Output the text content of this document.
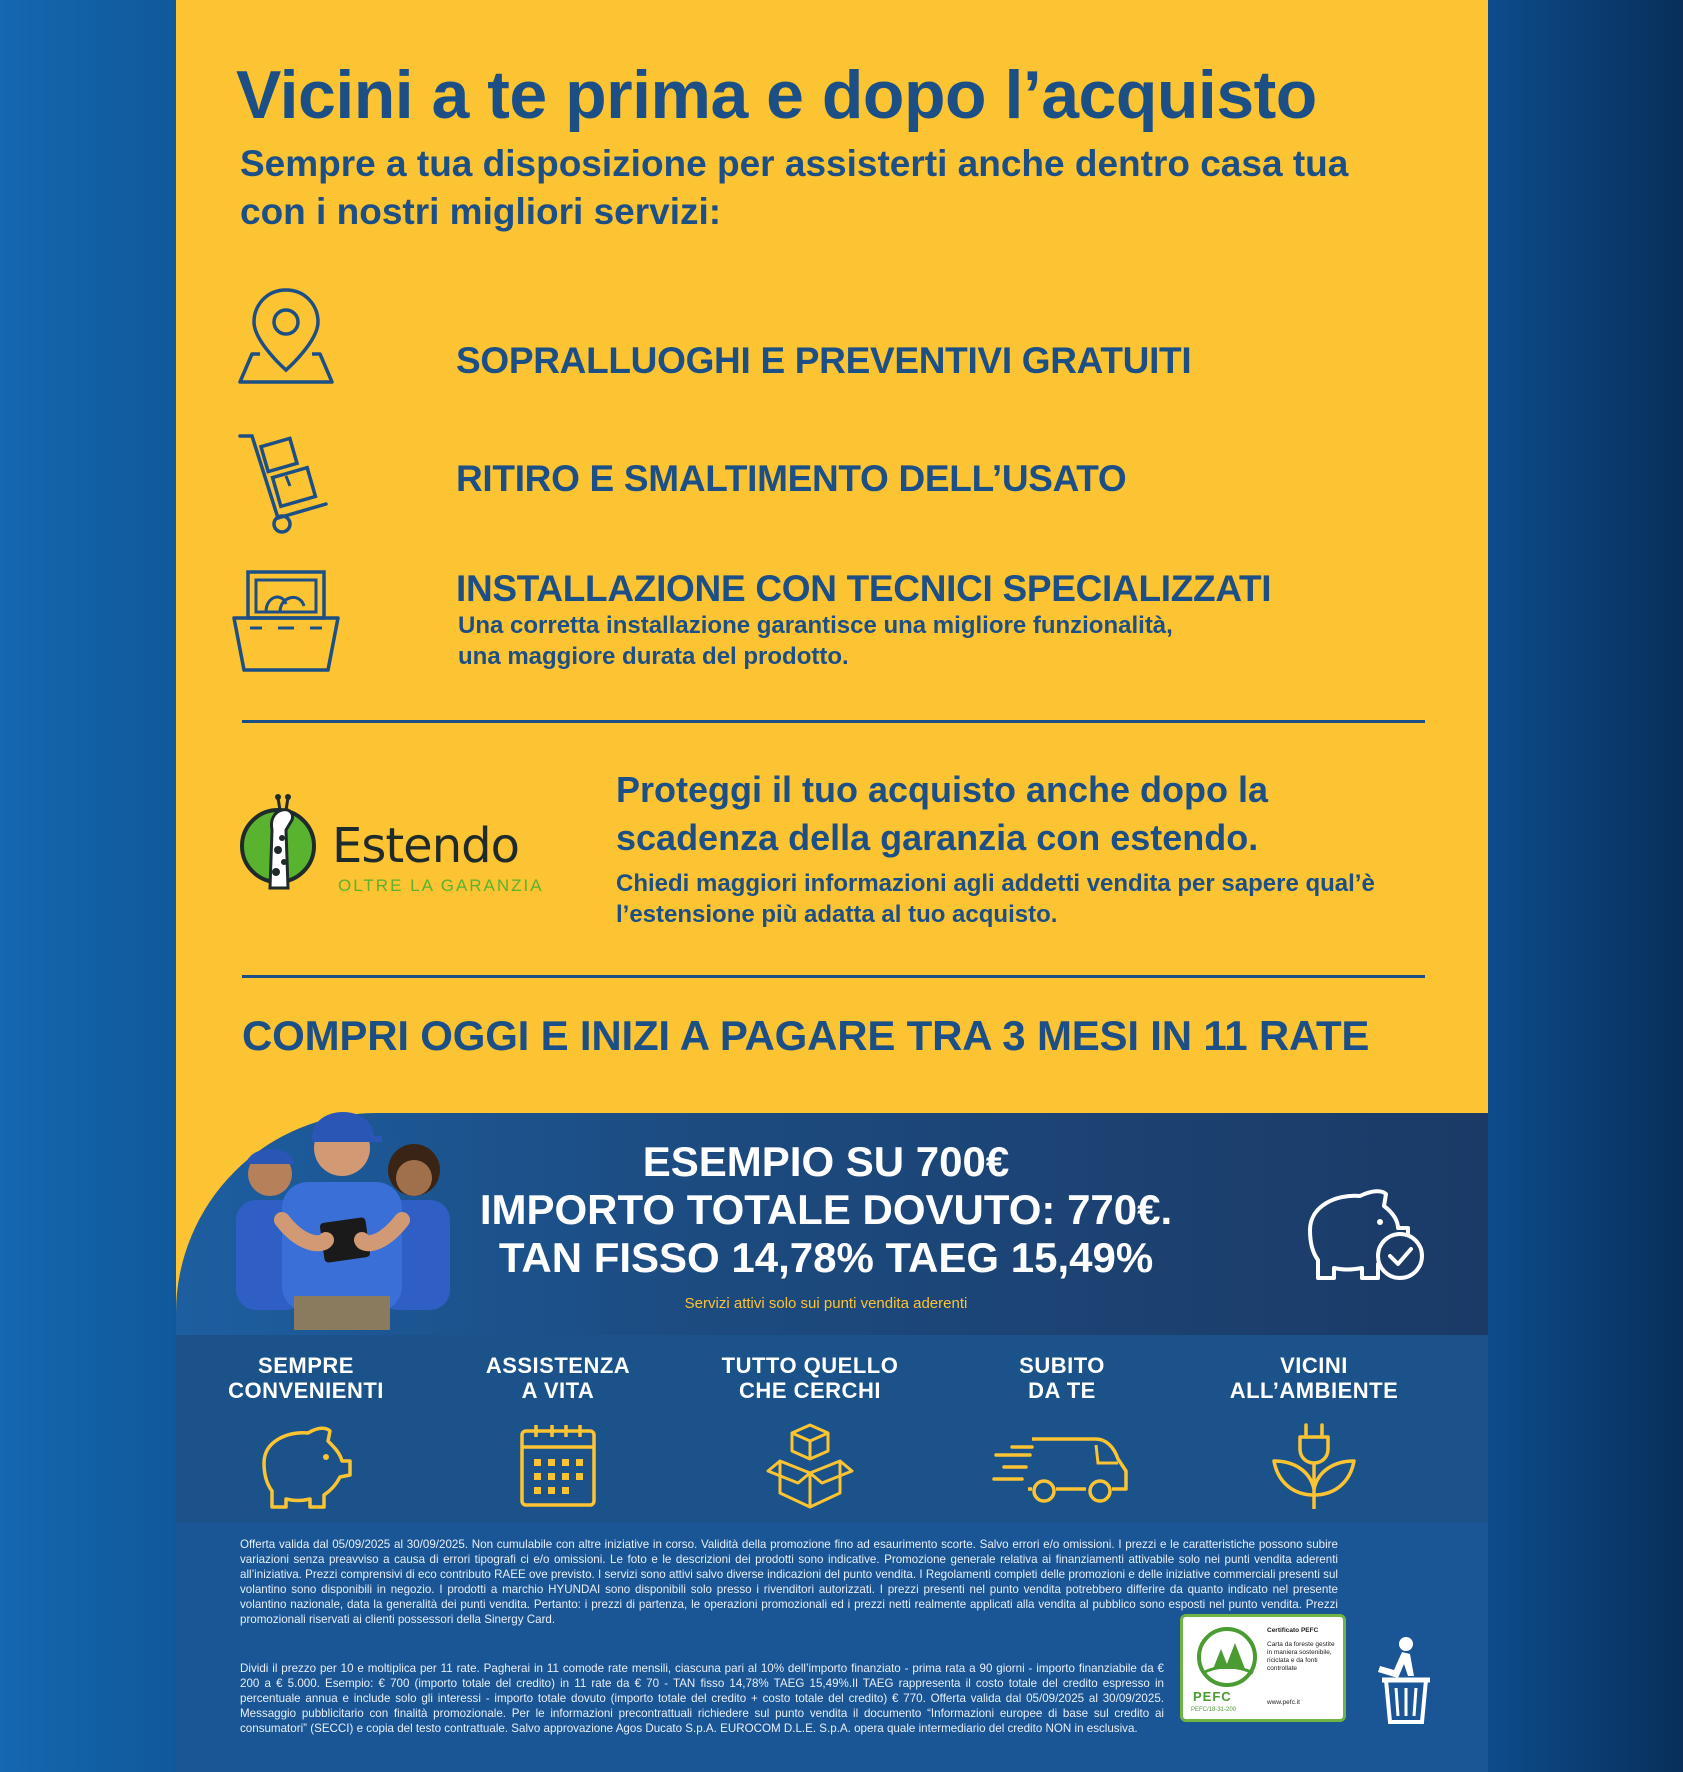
Vicini a te prima e dopo l’acquisto
Sempre a tua disposizione per assisterti anche dentro casa tua con i nostri migliori servizi:
SOPRALLUOGHI E PREVENTIVI GRATUITI
RITIRO E SMALTIMENTO DELL’USATO
INSTALLAZIONE CON TECNICI SPECIALIZZATI
Una corretta installazione garantisce una migliore funzionalità, una maggiore durata del prodotto.
Estendo
OLTRE LA GARANZIA
Proteggi il tuo acquisto anche dopo la scadenza della garanzia con estendo.
Chiedi maggiori informazioni agli addetti vendita per sapere qual’è l’estensione più adatta al tuo acquisto.
COMPRI OGGI E INIZI A PAGARE TRA 3 MESI IN 11 RATE
ESEMPIO SU 700€
IMPORTO TOTALE DOVUTO: 770€.
TAN FISSO 14,78% TAEG 15,49%
Servizi attivi solo sui punti vendita aderenti
SEMPRE
CONVENIENTI
ASSISTENZA
A VITA
TUTTO QUELLO
CHE CERCHI
SUBITO
DA TE
VICINI
ALL’AMBIENTE
Offerta valida dal 05/09/2025 al 30/09/2025. Non cumulabile con altre iniziative in corso. Validità della promozione fino ad esaurimento scorte. Salvo errori e/o omissioni. I prezzi e le caratteristiche possono subire variazioni senza preavviso a causa di errori tipografi ci e/o omissioni. Le foto e le descrizioni dei prodotti sono indicative. Promozione generale relativa ai finanziamenti attivabile solo nei punti vendita aderenti all’iniziativa. Prezzi comprensivi di eco contributo RAEE ove previsto. I servizi sono attivi salvo diverse indicazioni del punto vendita. I Regolamenti completi delle promozioni e delle iniziative commerciali presenti sul volantino sono disponibili in negozio. I prodotti a marchio HYUNDAI sono disponibili solo presso i rivenditori autorizzati. I prezzi presenti nel punto vendita potrebbero differire da quanto indicato nel presente volantino nazionale, data la generalità dei punti vendita. Pertanto: i prezzi di partenza, le operazioni promozionali ed i prezzi netti realmente applicati alla vendita al pubblico sono esposti nel punto vendita. Prezzi promozionali riservati ai clienti possessori della Sinergy Card.
Dividi il prezzo per 10 e moltiplica per 11 rate. Pagherai in 11 comode rate mensili, ciascuna pari al 10% dell’importo finanziato - prima rata a 90 giorni - importo finanziabile da € 200 a € 5.000. Esempio: € 700 (importo totale del credito) in 11 rate da € 70 - TAN fisso 14,78% TAEG 15,49%.Il TAEG rappresenta il costo totale del credito espresso in percentuale annua e include solo gli interessi - importo totale dovuto (importo totale del credito + costo totale del credito) € 770. Offerta valida dal 05/09/2025 al 30/09/2025. Messaggio pubblicitario con finalità promozionale. Per le informazioni precontrattuali richiedere sul punto vendita il documento “Informazioni europee di base sul credito ai consumatori” (SECCI) e copia del testo contrattuale. Salvo approvazione Agos Ducato S.p.A. EUROCOM D.L.E. S.p.A. opera quale intermediario del credito NON in esclusiva.
PEFC
PEFC/18-31-200
Certificato PEFC
Carta da foreste gestite in maniera sostenibile, riciclata e da fonti controllate
www.pefc.it
